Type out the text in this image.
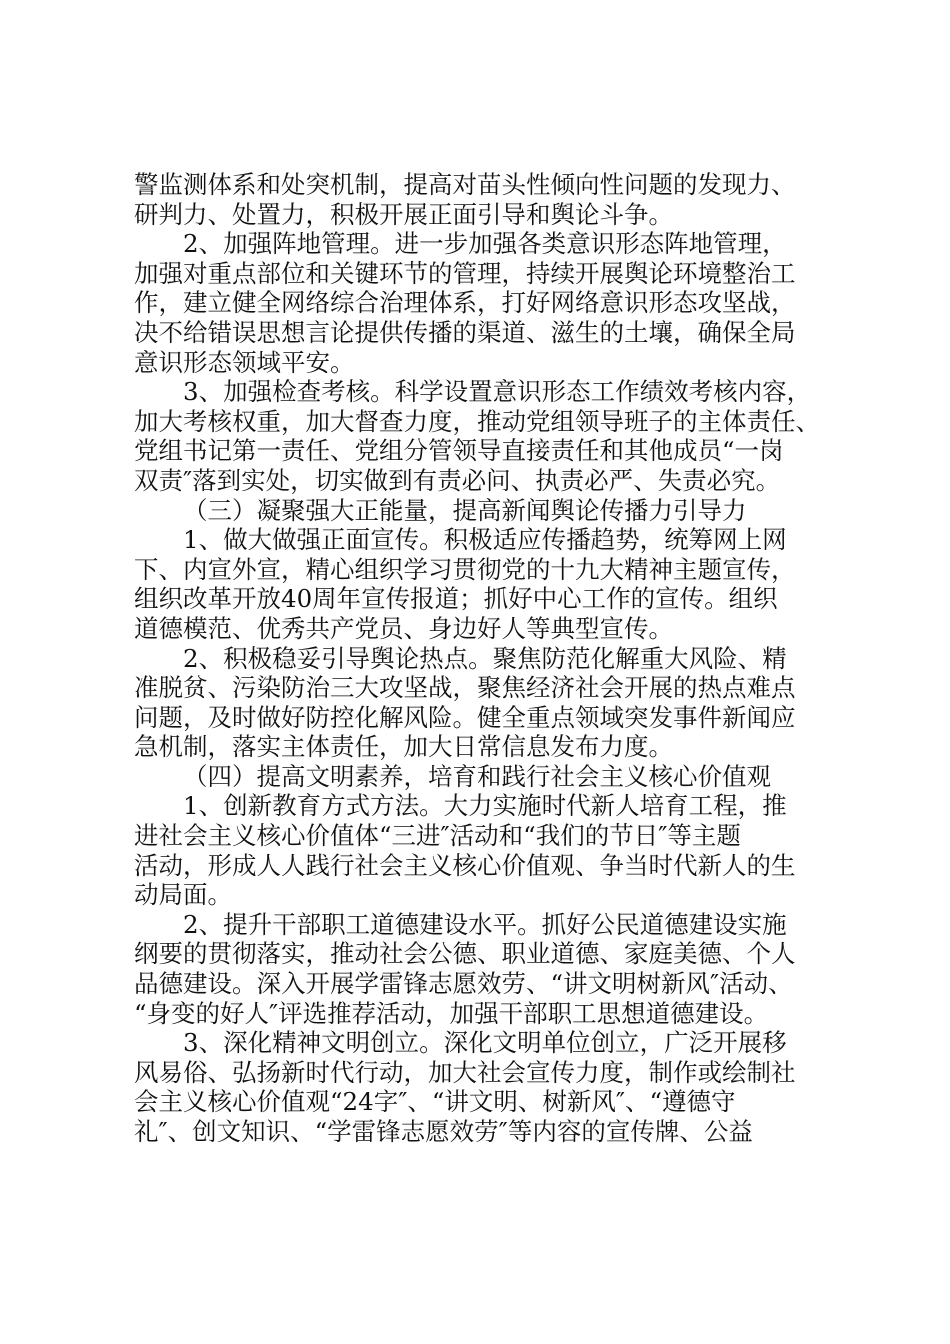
警监测体系和处突机制，提高对苗头性倾向性问题的发现力、
研判力、处置力，积极开展正面引导和舆论斗争。
2、加强阵地管理。进一步加强各类意识形态阵地管理，
加强对重点部位和关键环节的管理，持续开展舆论环境整治工
作，建立健全网络综合治理体系，打好网络意识形态攻坚战，
决不给错误思想言论提供传播的渠道、滋生的土壤，确保全局
意识形态领域平安。
3、加强检查考核。科学设置意识形态工作绩效考核内容，
加大考核权重，加大督查力度，推动党组领导班子的主体责任、
党组书记第一责任、党组分管领导直接责任和其他成员“一岗
双责″落到实处，切实做到有责必问、执责必严、失责必究。
（三）凝聚强大正能量，提高新闻舆论传播力引导力
1、做大做强正面宣传。积极适应传播趋势，统筹网上网
下、内宣外宣，精心组织学习贯彻党的十九大精神主题宣传，
组织改革开放40周年宣传报道；抓好中心工作的宣传。组织
道德模范、优秀共产党员、身边好人等典型宣传。
2、积极稳妥引导舆论热点。聚焦防范化解重大风险、精
准脱贫、污染防治三大攻坚战，聚焦经济社会开展的热点难点
问题，及时做好防控化解风险。健全重点领域突发事件新闻应
急机制，落实主体责任，加大日常信息发布力度。
（四）提高文明素养，培育和践行社会主义核心价值观
1、创新教育方式方法。大力实施时代新人培育工程，推
进社会主义核心价值体“三进″活动和“我们的节日″等主题
活动，形成人人践行社会主义核心价值观、争当时代新人的生
动局面。
2、提升干部职工道德建设水平。抓好公民道德建设实施
纲要的贯彻落实，推动社会公德、职业道德、家庭美德、个人
品德建设。深入开展学雷锋志愿效劳、“讲文明树新风″活动、
“身变的好人″评选推荐活动，加强干部职工思想道德建设。
3、深化精神文明创立。深化文明单位创立，广泛开展移
风易俗、弘扬新时代行动，加大社会宣传力度，制作或绘制社
会主义核心价值观“24字″、“讲文明、树新风″、“遵德守
礼″、创文知识、“学雷锋志愿效劳″等内容的宣传牌、公益
